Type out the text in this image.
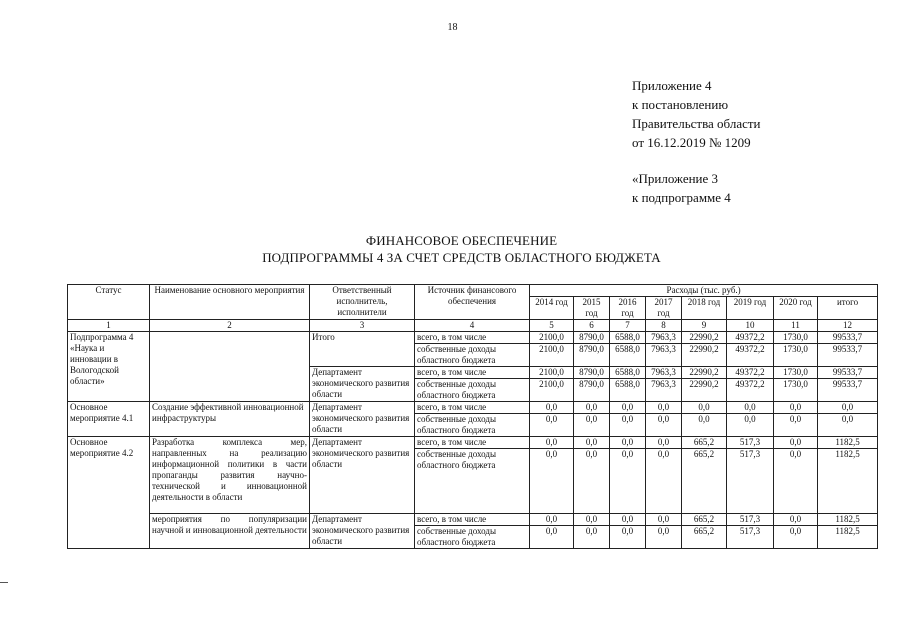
18
Приложение 4
к постановлению
Правительства области
от 16.12.2019 № 1209
«Приложение 3
к подпрограмме 4
ФИНАНСОВОЕ ОБЕСПЕЧЕНИЕ
ПОДПРОГРАММЫ 4 ЗА СЧЕТ СРЕДСТВ ОБЛАСТНОГО БЮДЖЕТА
Статус	Наименование основного мероприятия	Ответственный исполнитель, исполнители	Источник финансового обеспечения	Расходы (тыс. руб.)							
				2014 год	2015 год	2016 год	2017 год	2018 год	2019 год	2020 год	итого
1	2	3	4	5	6	7	8	9	10	11	12
Подпрограмма 4 «Наука и инновации в Вологодской области»		Итого	всего, в том числе	2100,0	8790,0	6588,0	7963,3	22990,2	49372,2	1730,0	99533,7
			собственные доходы областного бюджета	2100,0	8790,0	6588,0	7963,3	22990,2	49372,2	1730,0	99533,7
		Департамент экономического развития области	всего, в том числе	2100,0	8790,0	6588,0	7963,3	22990,2	49372,2	1730,0	99533,7
			собственные доходы областного бюджета	2100,0	8790,0	6588,0	7963,3	22990,2	49372,2	1730,0	99533,7
Основное мероприятие 4.1	Создание эффективной инновационной инфраструктуры	Департамент экономического развития области	всего, в том числе	0,0	0,0	0,0	0,0	0,0	0,0	0,0	0,0
			собственные доходы областного бюджета	0,0	0,0	0,0	0,0	0,0	0,0	0,0	0,0
Основное мероприятие 4.2	Разработка комплекса мер, направленных на реализацию информационной политики в части пропаганды развития научно-технической и инновационной деятельности в области	Департамент экономического развития области	всего, в том числе	0,0	0,0	0,0	0,0	665,2	517,3	0,0	1182,5
			собственные доходы областного бюджета	0,0	0,0	0,0	0,0	665,2	517,3	0,0	1182,5
	мероприятия по популяризации научной и инновационной деятельности	Департамент экономического развития области	всего, в том числе	0,0	0,0	0,0	0,0	665,2	517,3	0,0	1182,5
			собственные доходы областного бюджета	0,0	0,0	0,0	0,0	665,2	517,3	0,0	1182,5
